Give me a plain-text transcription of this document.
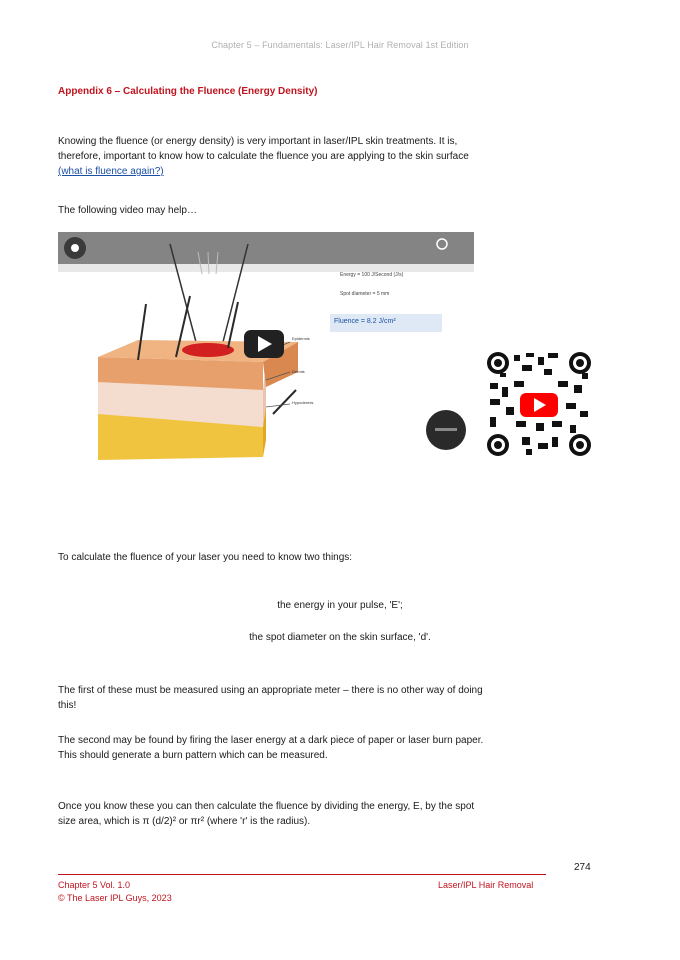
Chapter 5 – Fundamentals: Laser/IPL Hair Removal 1st Edition
Appendix 6 – Calculating the Fluence (Energy Density)
Knowing the fluence (or energy density) is very important in laser/IPL skin treatments. It is,
therefore, important to know how to calculate the fluence you are applying to the skin surface
(what is fluence again?)
The following video may help…
Energy = 100 J/Second (J/s)
Spot diameter = 5 mm
Fluence = 8.2 J/cm²
Epidermis
Dermis
Hypodermis
To calculate the fluence of your laser you need to know two things:
the energy in your pulse, 'E';
the spot diameter on the skin surface, 'd'.
The first of these must be measured using an appropriate meter – there is no other way of doing
this!
The second may be found by firing the laser energy at a dark piece of paper or laser burn paper.
This should generate a burn pattern which can be measured.
Once you know these you can then calculate the fluence by dividing the energy, E, by the spot
size area, which is π (d/2)² or πr² (where 'r' is the radius).
274
Chapter 5 Vol. 1.0
© The Laser IPL Guys, 2023
Laser/IPL Hair Removal
